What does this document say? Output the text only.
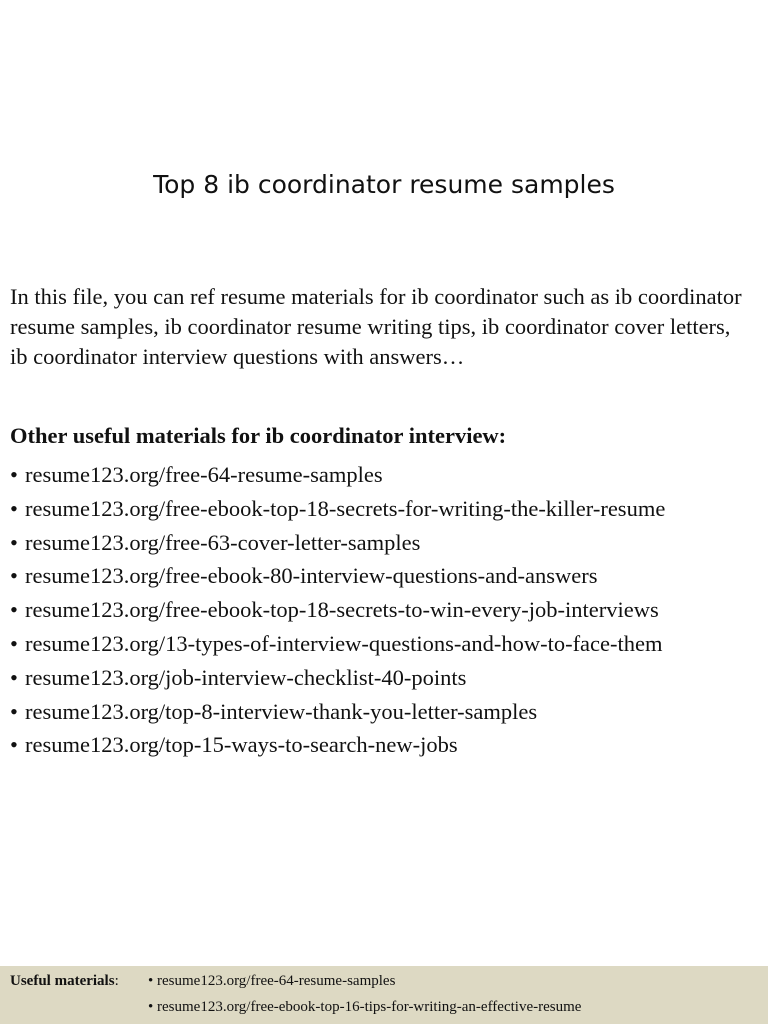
Top 8 ib coordinator resume samples

In this file, you can ref resume materials for ib coordinator such as ib coordinator resume samples, ib coordinator resume writing tips, ib coordinator cover letters, ib coordinator interview questions with answers…

Other useful materials for ib coordinator interview:

• resume123.org/free-64-resume-samples
• resume123.org/free-ebook-top-18-secrets-for-writing-the-killer-resume
• resume123.org/free-63-cover-letter-samples
• resume123.org/free-ebook-80-interview-questions-and-answers
• resume123.org/free-ebook-top-18-secrets-to-win-every-job-interviews
• resume123.org/13-types-of-interview-questions-and-how-to-face-them
• resume123.org/job-interview-checklist-40-points
• resume123.org/top-8-interview-thank-you-letter-samples
• resume123.org/top-15-ways-to-search-new-jobs
Useful materials: • resume123.org/free-64-resume-samples
• resume123.org/free-ebook-top-16-tips-for-writing-an-effective-resume
